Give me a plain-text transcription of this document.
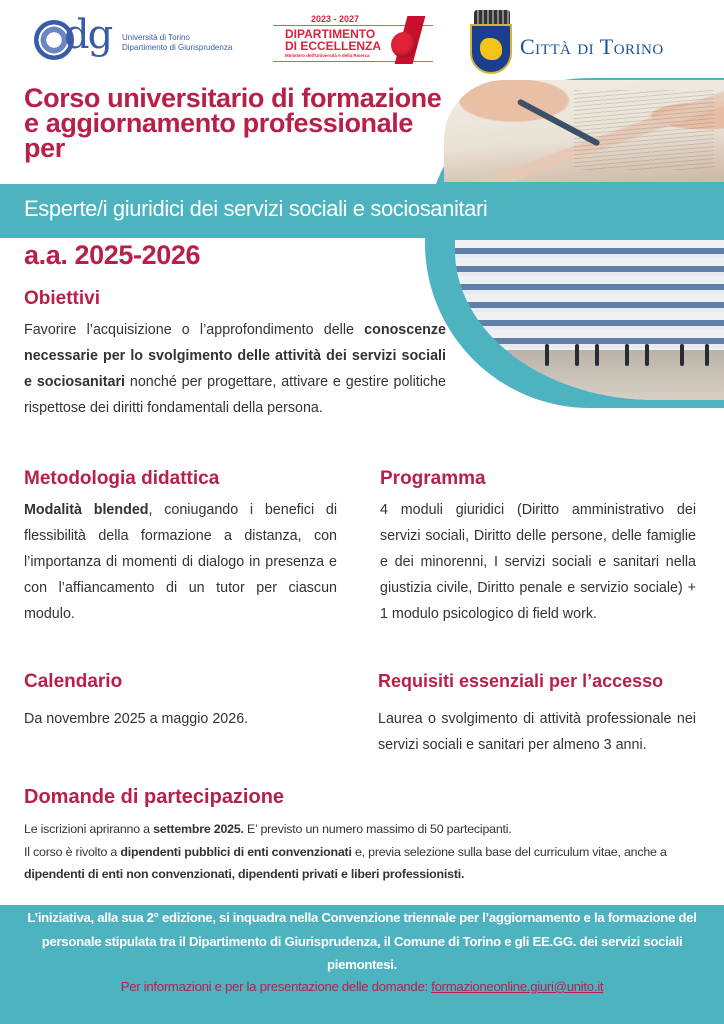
dg Università di Torino
Dipartimento di Giurisprudenza
2023 - 2027
DIPARTIMENTO
DI ECCELLENZA
Ministero dell'Università e della Ricerca	Città di Torino
Corso universitario di formazione e aggiornamento professionale per
Esperte/i giuridici dei servizi sociali e sociosanitari
a.a. 2025-2026
Obiettivi

Favorire l’acquisizione o l’approfondimento delle conoscenze necessarie per lo svolgimento delle attività dei servizi sociali e sociosanitari nonché per progettare, attivare e gestire politiche rispettose dei diritti fondamentali della persona.

Metodologia didattica

Modalità blended, coniugando i benefici di flessibilità della formazione a distanza, con l’importanza di momenti di dialogo in presenza e con l’affiancamento di un tutor per ciascun modulo.

Programma

4 moduli giuridici (Diritto amministrativo dei servizi sociali, Diritto delle persone, delle famiglie e dei minorenni, I servizi sociali e sanitari nella giustizia civile, Diritto penale e servizio sociale) + 1 modulo psicologico di field work.

Calendario

Da novembre 2025 a maggio 2026.

Requisiti essenziali per l’accesso

Laurea o svolgimento di attività professionale nei servizi sociali e sanitari per almeno 3 anni.

Domande di partecipazione
Le iscrizioni apriranno a settembre 2025. E’ previsto un numero massimo di 50 partecipanti.
Il corso è rivolto a dipendenti pubblici di enti convenzionati e, previa selezione sulla base del curriculum vitae, anche a dipendenti di enti non convenzionati, dipendenti privati e liberi professionisti.

L’iniziativa, alla sua 2° edizione, si inquadra nella Convenzione triennale per l’aggiornamento e la formazione del personale stipulata tra il Dipartimento di Giurisprudenza, il Comune di Torino e gli EE.GG. dei servizi sociali piemontesi.

Per informazioni e per la presentazione delle domande: formazioneonline.giuri@unito.it
